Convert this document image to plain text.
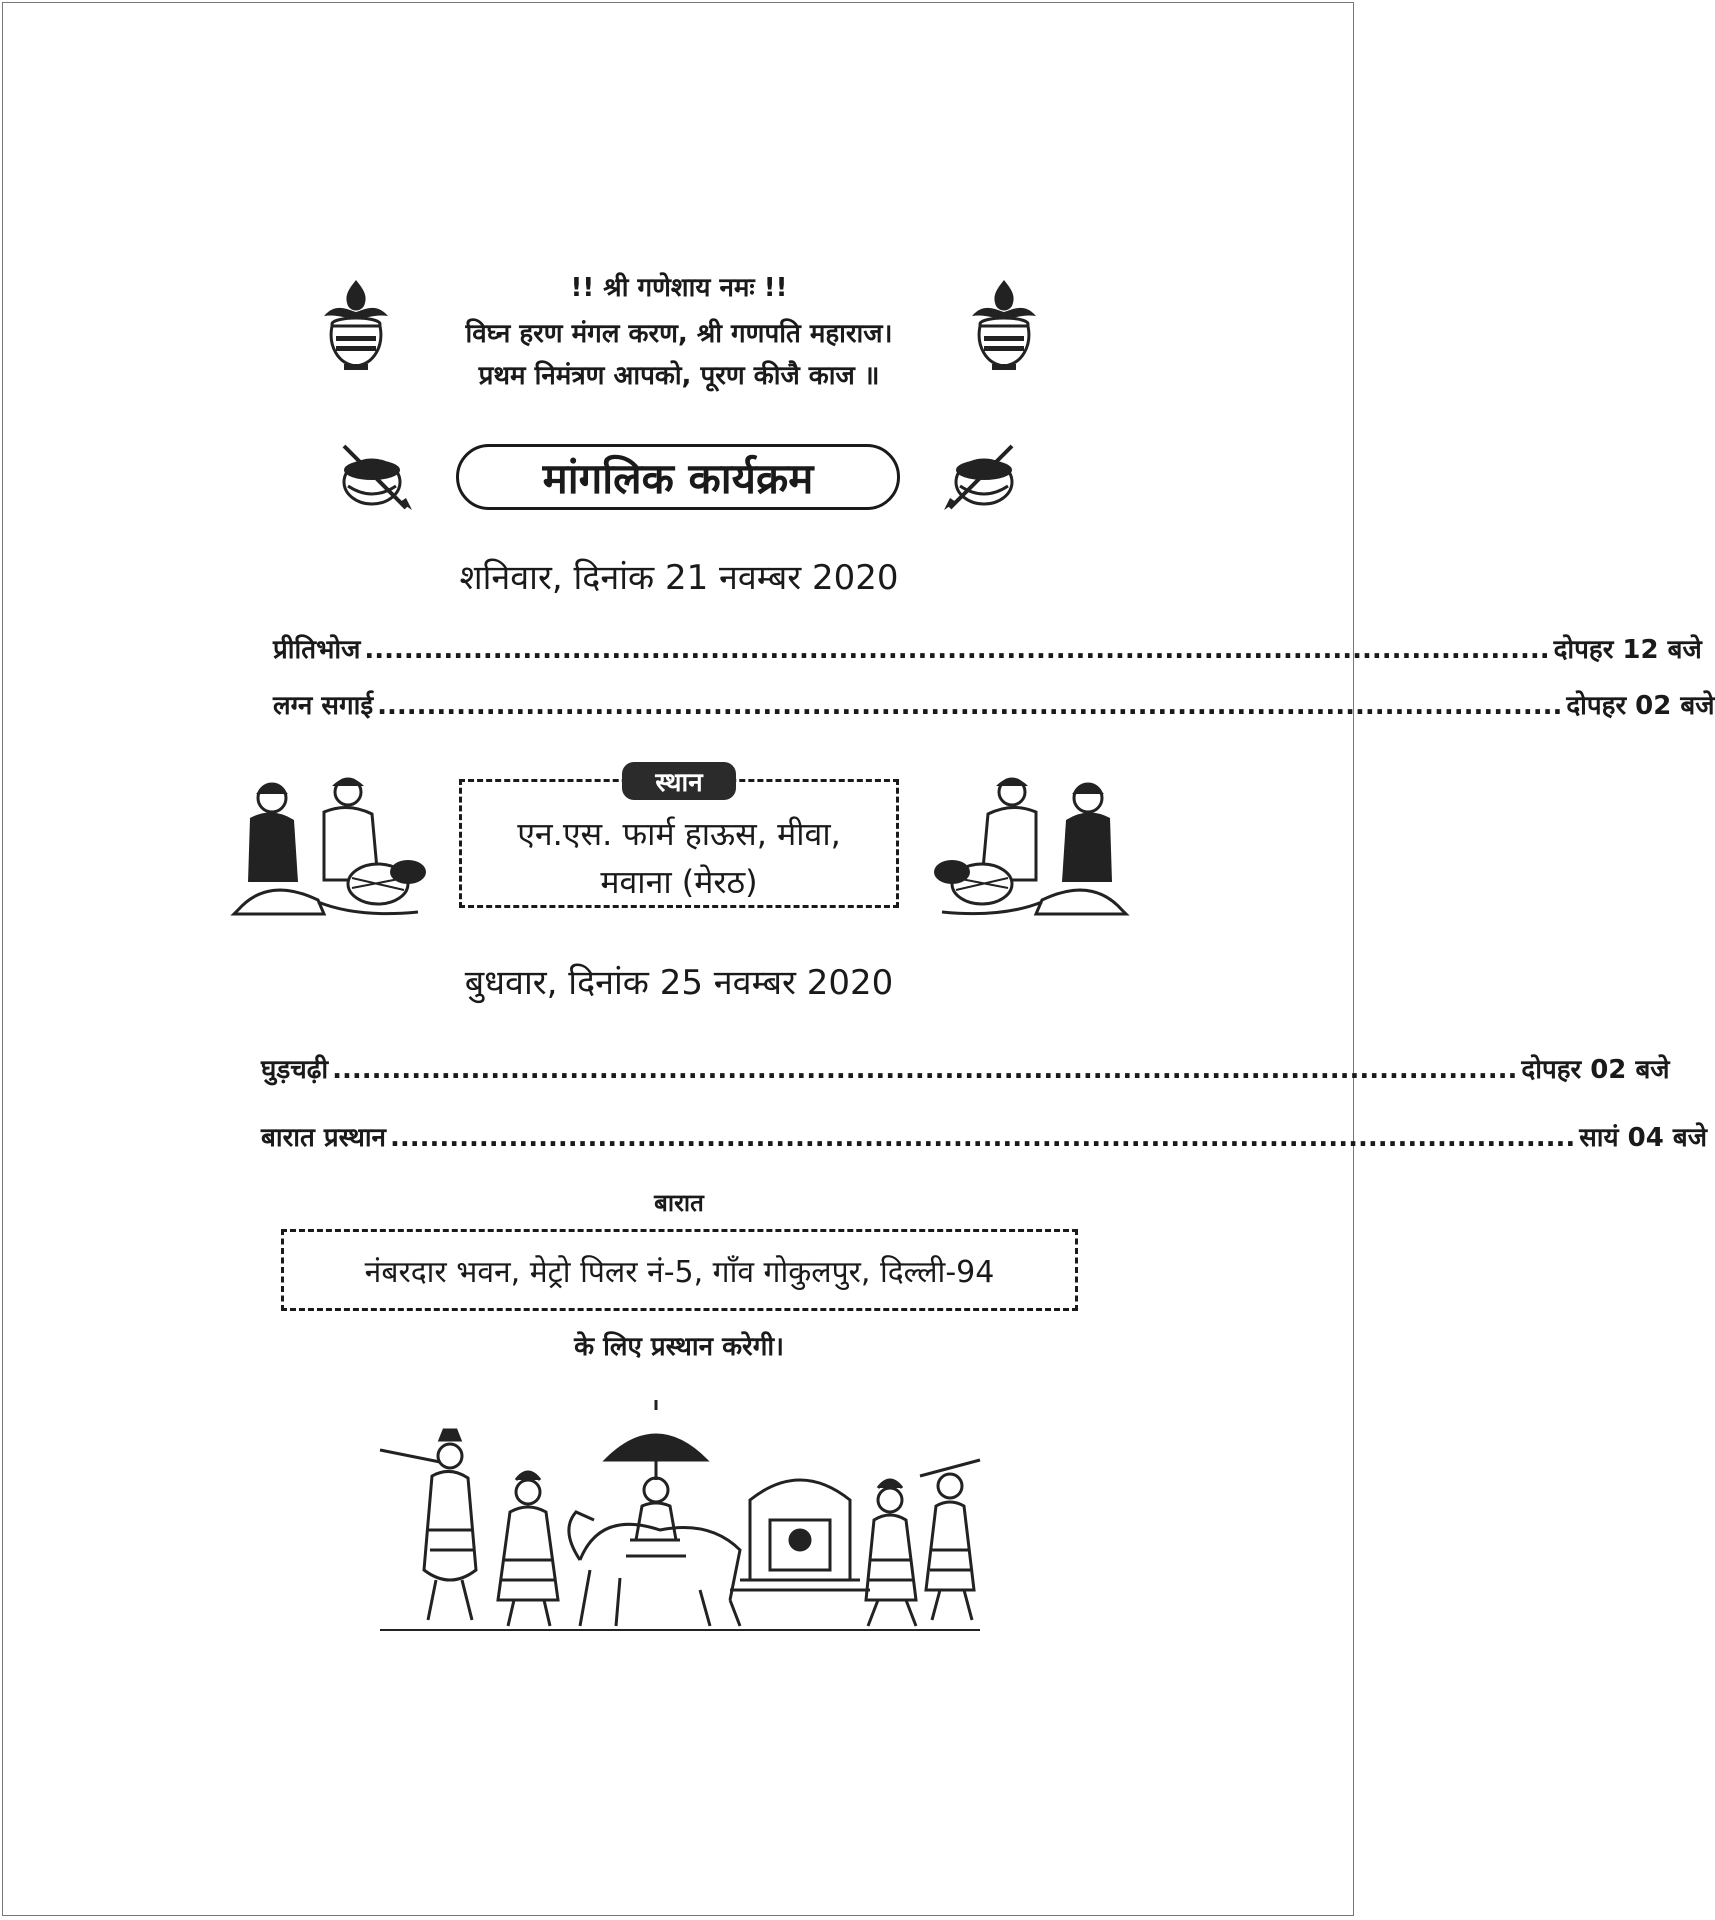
!! श्री गणेशाय नमः !!
विघ्न हरण मंगल करण, श्री गणपति महाराज।
प्रथम निमंत्रण आपको, पूरण कीजै काज ॥
मांगलिक कार्यक्रम
शनिवार, दिनांक 21 नवम्बर 2020
प्रीतिभोज ........................................................................................................................ दोपहर 12 बजे
लग्न सगाई ........................................................................................................................ दोपहर 02 बजे
स्थान
एन.एस. फार्म हाऊस, मीवा,
मवाना (मेरठ)
बुधवार, दिनांक 25 नवम्बर 2020
घुड़चढ़ी ........................................................................................................................ दोपहर 02 बजे
बारात प्रस्थान ........................................................................................................................ सायं 04 बजे
बारात
नंबरदार भवन, मेट्रो पिलर नं-5, गाँव गोकुलपुर, दिल्ली-94
के लिए प्रस्थान करेगी।
